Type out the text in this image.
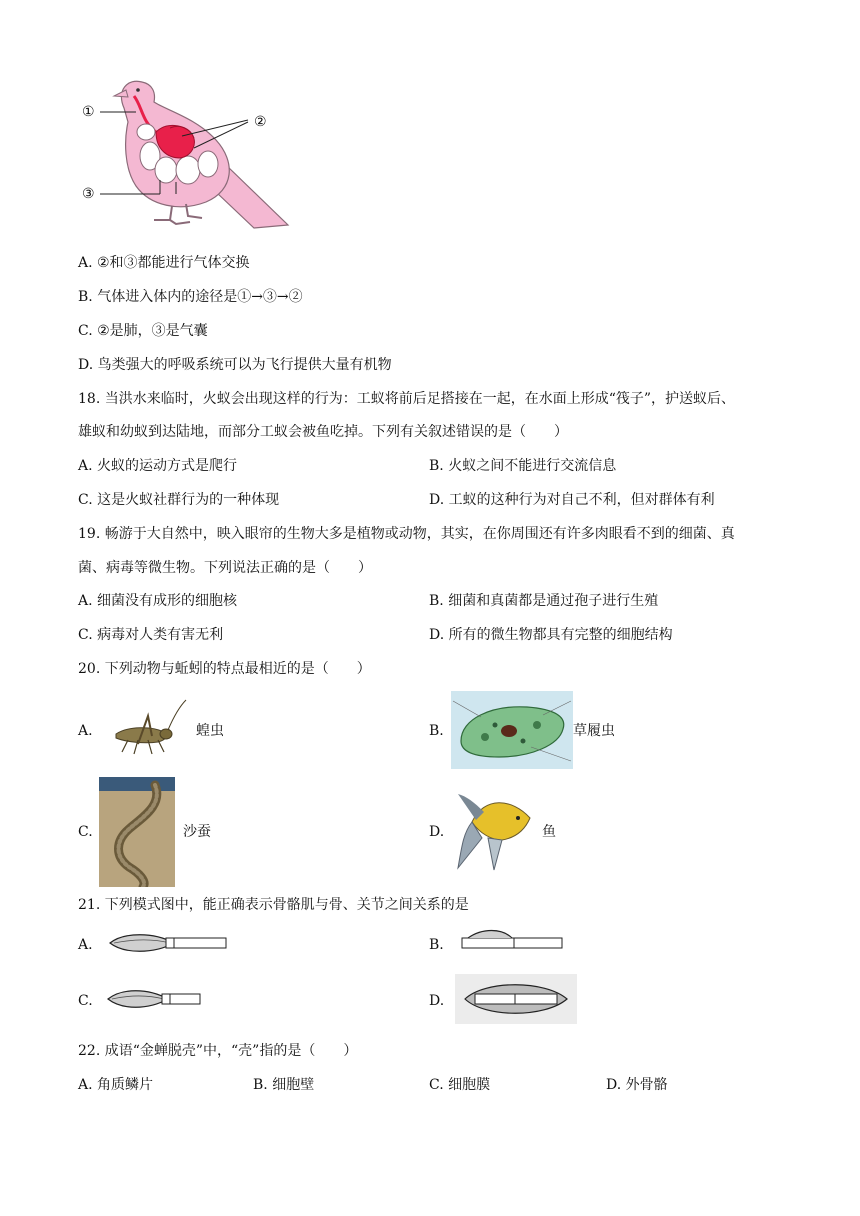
①
②
③
A. ②和③都能进行气体交换
B. 气体进入体内的途径是①→③→②
C. ②是肺，③是气囊
D. 鸟类强大的呼吸系统可以为飞行提供大量有机物
18. 当洪水来临时，火蚁会出现这样的行为：工蚁将前后足搭接在一起，在水面上形成“筏子”，护送蚁后、
雄蚁和幼蚁到达陆地，而部分工蚁会被鱼吃掉。下列有关叙述错误的是（　　）
A. 火蚁的运动方式是爬行	B. 火蚁之间不能进行交流信息
C. 这是火蚁社群行为的一种体现	D. 工蚁的这种行为对自己不利，但对群体有利
19. 畅游于大自然中，映入眼帘的生物大多是植物或动物，其实，在你周围还有许多肉眼看不到的细菌、真
菌、病毒等微生物。下列说法正确的是（　　）
A. 细菌没有成形的细胞核	B. 细菌和真菌都是通过孢子进行生殖
C. 病毒对人类有害无利	D. 所有的微生物都具有完整的细胞结构
20. 下列动物与蚯蚓的特点最相近的是（　　）
A.	蝗虫	B.	草履虫
C.	沙蚕	D.	鱼
21. 下列模式图中，能正确表示骨骼肌与骨、关节之间关系的是
A.	B.
C.	D.
22. 成语“金蝉脱壳”中，“壳”指的是（　　）
A. 角质鳞片	B. 细胞壁	C. 细胞膜	D. 外骨骼
